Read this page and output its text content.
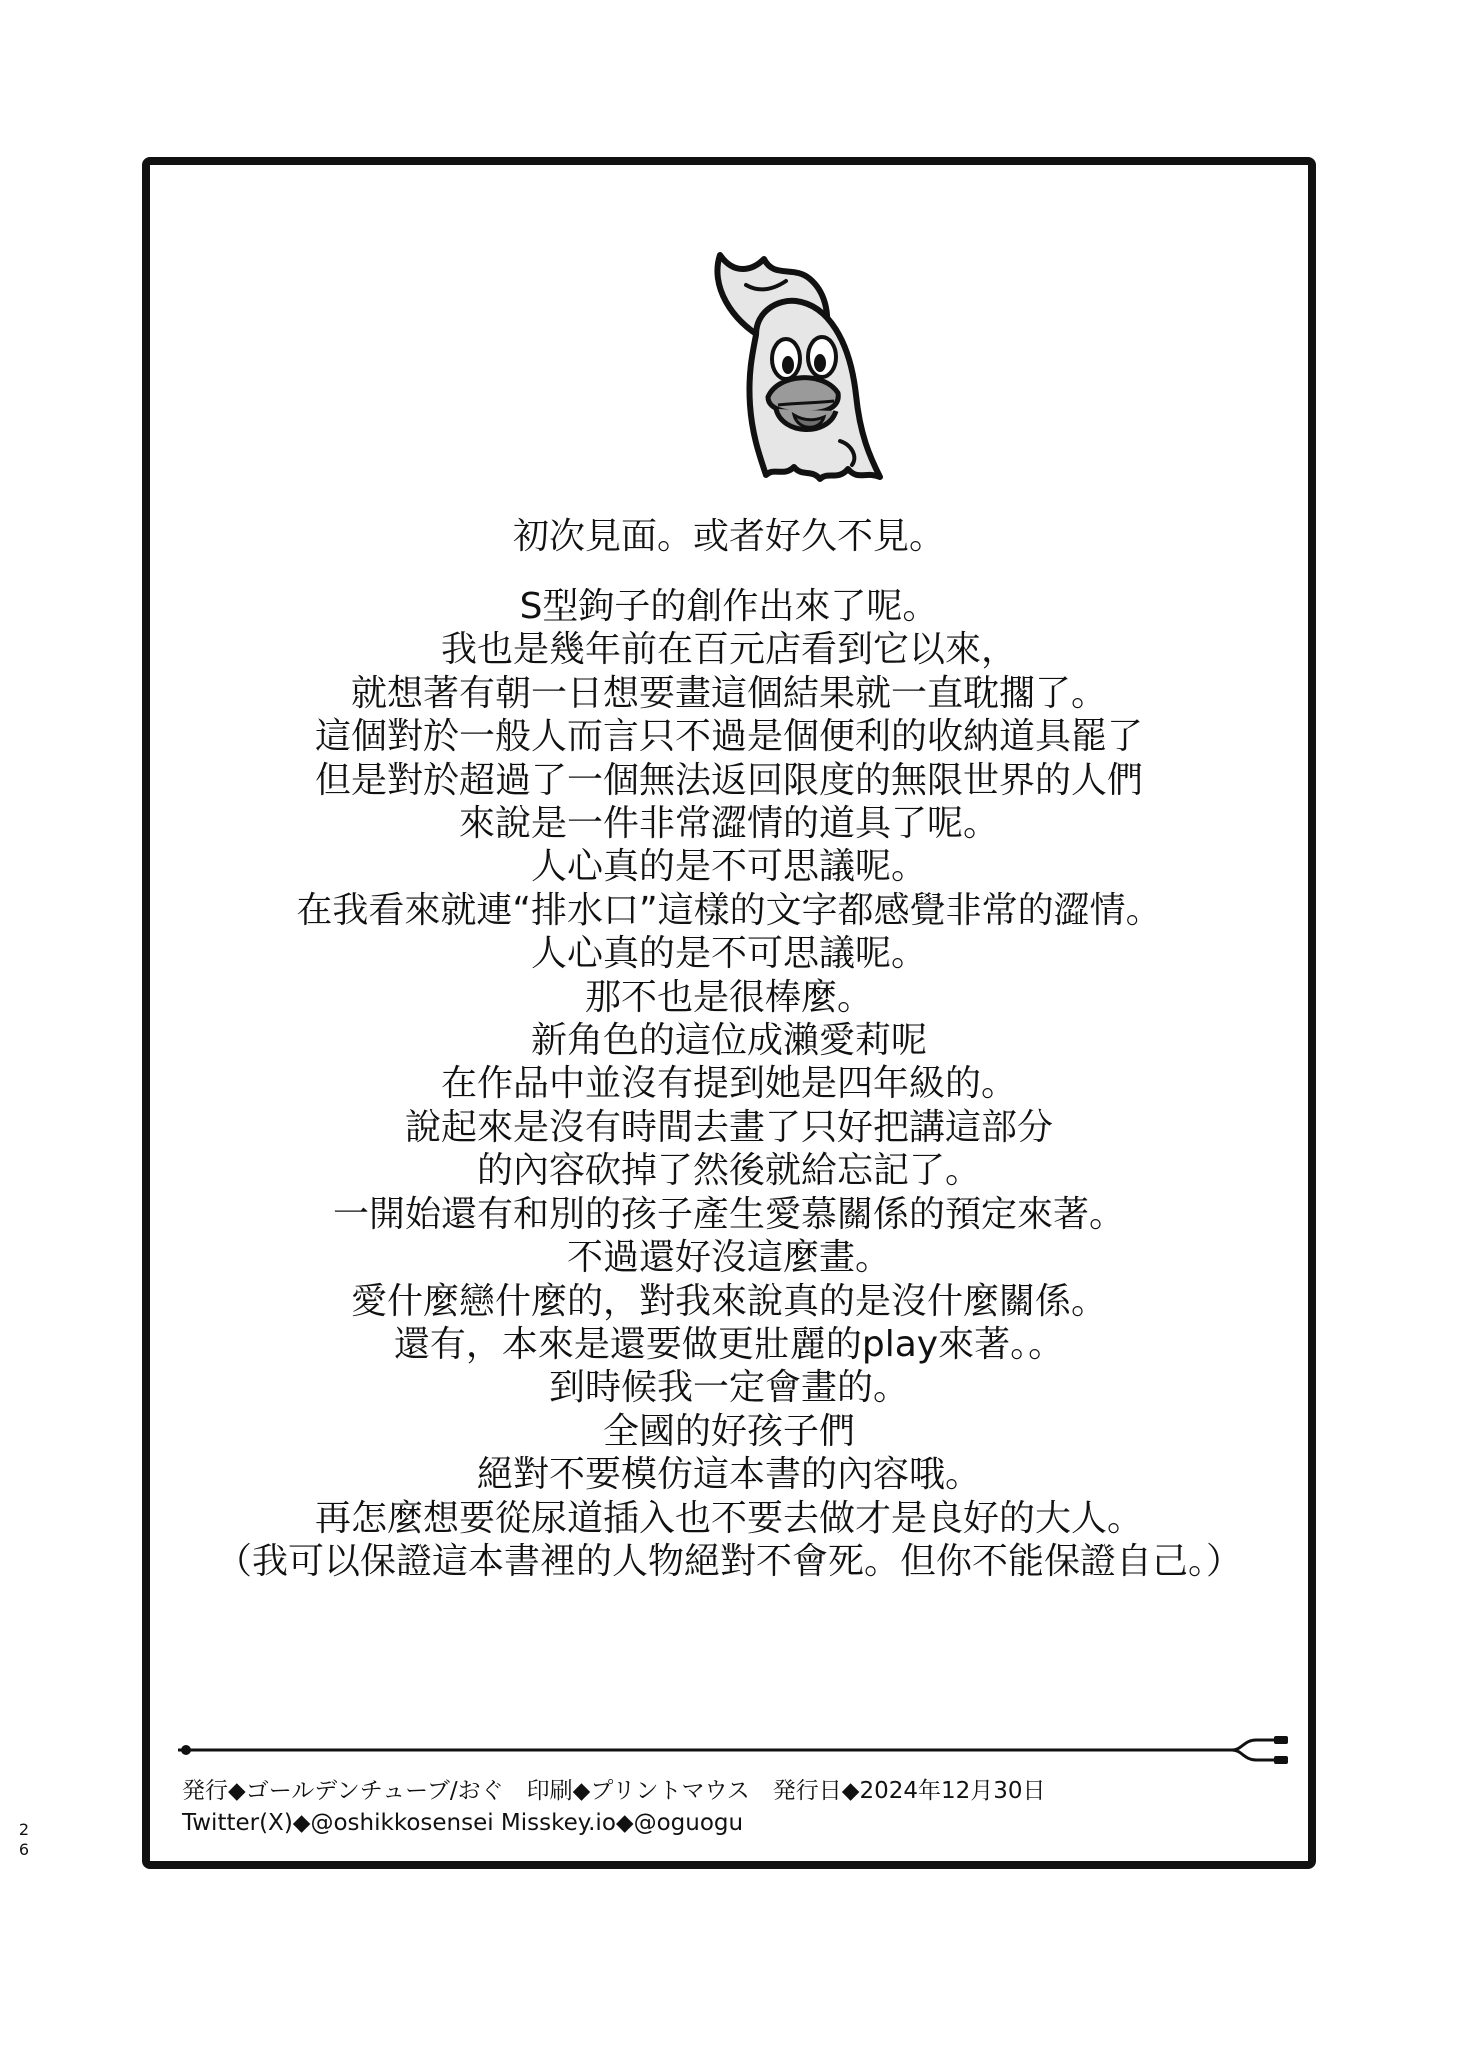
初次見面。或者好久不見。
S型鉤子的創作出來了呢。
我也是幾年前在百元店看到它以來，
就想著有朝一日想要畫這個結果就一直耽擱了。
這個對於一般人而言只不過是個便利的收納道具罷了
但是對於超過了一個無法返回限度的無限世界的人們
來說是一件非常澀情的道具了呢。
人心真的是不可思議呢。
在我看來就連“排水口”這樣的文字都感覺非常的澀情。
人心真的是不可思議呢。
那不也是很棒麼。
新角色的這位成瀨愛莉呢
在作品中並沒有提到她是四年級的。
說起來是沒有時間去畫了只好把講這部分
的內容砍掉了然後就給忘記了。
一開始還有和別的孩子產生愛慕關係的預定來著。
不過還好沒這麼畫。
愛什麼戀什麼的，對我來說真的是沒什麼關係。
還有，本來是還要做更壯麗的play來著。。
到時候我一定會畫的。
全國的好孩子們
絕對不要模仿這本書的內容哦。
再怎麼想要從尿道插入也不要去做才是良好的大人。
（我可以保證這本書裡的人物絕對不會死。但你不能保證自己。）
発行◆ゴールデンチューブ/おぐ　印刷◆プリントマウス　発行日◆2024年12月30日
Twitter(X)◆@oshikkosensei Misskey.io◆@oguogu
2
6
